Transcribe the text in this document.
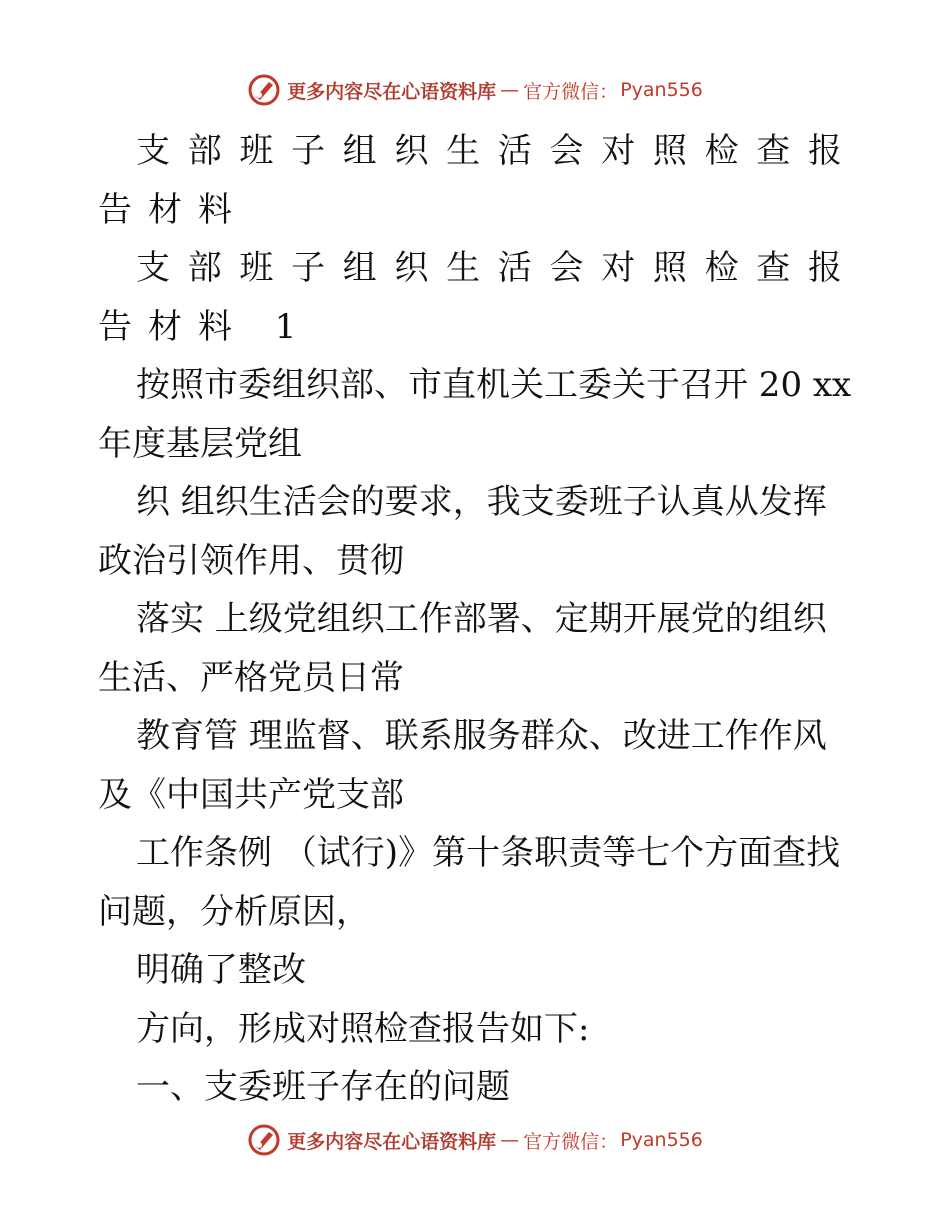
更多内容尽在心语资料库 — 官方微信： Pyan556

支部班子组织生活会对照检查报告材料

支部班子组织生活会对照检查报告材料 1

按照市委组织部、市直机关工委关于召开 20 xx 年度基层党组

织 组织生活会的要求，我支委班子认真从发挥政治引领作用、贯彻

落实 上级党组织工作部署、定期开展党的组织生活、严格党员日常

教育管 理监督、联系服务群众、改进工作作风及《中国共产党支部

工作条例 （试行)》第十条职责等七个方面查找问题，分析原因，

明确了整改

方向，形成对照检查报告如下:

一、支委班子存在的问题

更多内容尽在心语资料库 — 官方微信： Pyan556
